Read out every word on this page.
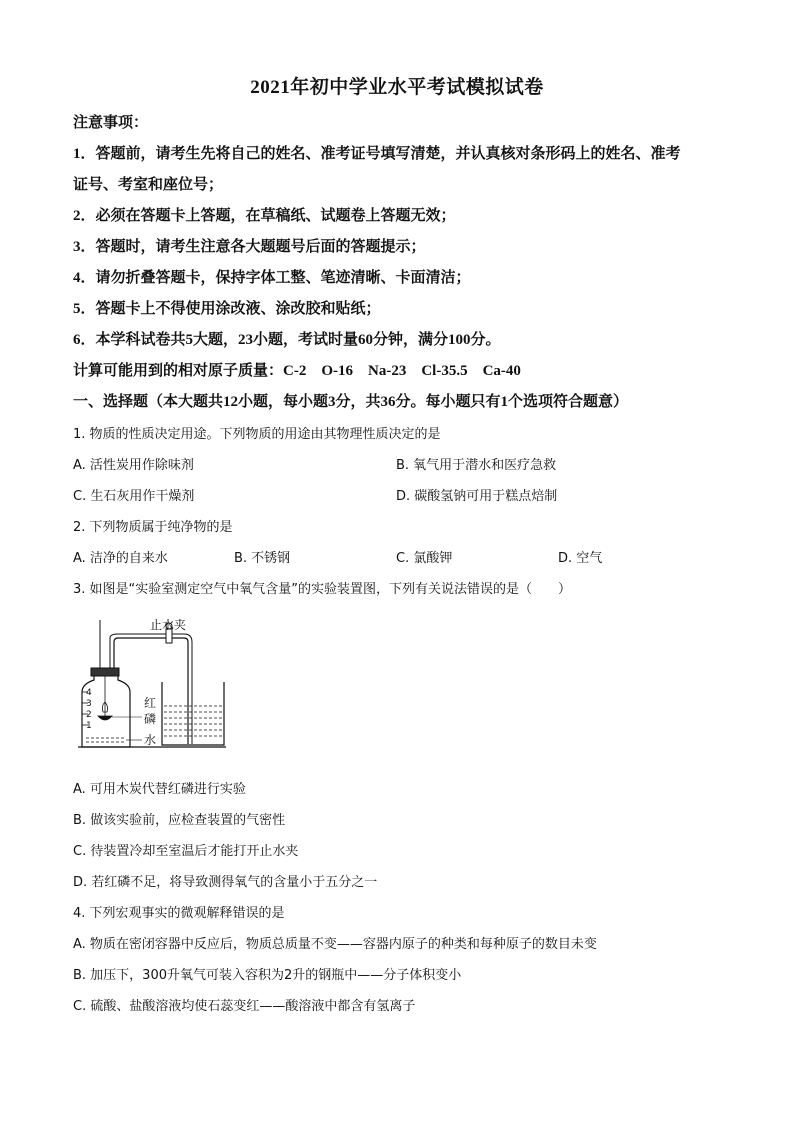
2021年初中学业水平考试模拟试卷
注意事项：
1．答题前，请考生先将自己的姓名、准考证号填写清楚，并认真核对条形码上的姓名、准考
证号、考室和座位号；
2．必须在答题卡上答题，在草稿纸、试题卷上答题无效；
3．答题时，请考生注意各大题题号后面的答题提示；
4．请勿折叠答题卡，保持字体工整、笔迹清晰、卡面清洁；
5．答题卡上不得使用涂改液、涂改胶和贴纸；
6．本学科试卷共5大题，23小题，考试时量60分钟，满分100分。
计算可能用到的相对原子质量：C-2　O-16　Na-23　Cl-35.5　Ca-40
一、选择题（本大题共12小题，每小题3分，共36分。每小题只有1个选项符合题意）
1. 物质的性质决定用途。下列物质的用途由其物理性质决定的是
A. 活性炭用作除味剂	B. 氧气用于潜水和医疗急救
C. 生石灰用作干燥剂	D. 碳酸氢钠可用于糕点焙制
2. 下列物质属于纯净物的是
A. 洁净的自来水	B. 不锈钢	C. 氯酸钾	D. 空气
3. 如图是“实验室测定空气中氧气含量”的实验装置图，下列有关说法错误的是（　　）
4
3
2
1
止水夹
红
磷
水
A. 可用木炭代替红磷进行实验
B. 做该实验前，应检查装置的气密性
C. 待装置冷却至室温后才能打开止水夹
D. 若红磷不足，将导致测得氧气的含量小于五分之一
4. 下列宏观事实的微观解释错误的是
A. 物质在密闭容器中反应后，物质总质量不变——容器内原子的种类和每种原子的数目未变
B. 加压下，300升氧气可装入容积为2升的钢瓶中——分子体积变小
C. 硫酸、盐酸溶液均使石蕊变红——酸溶液中都含有氢离子
